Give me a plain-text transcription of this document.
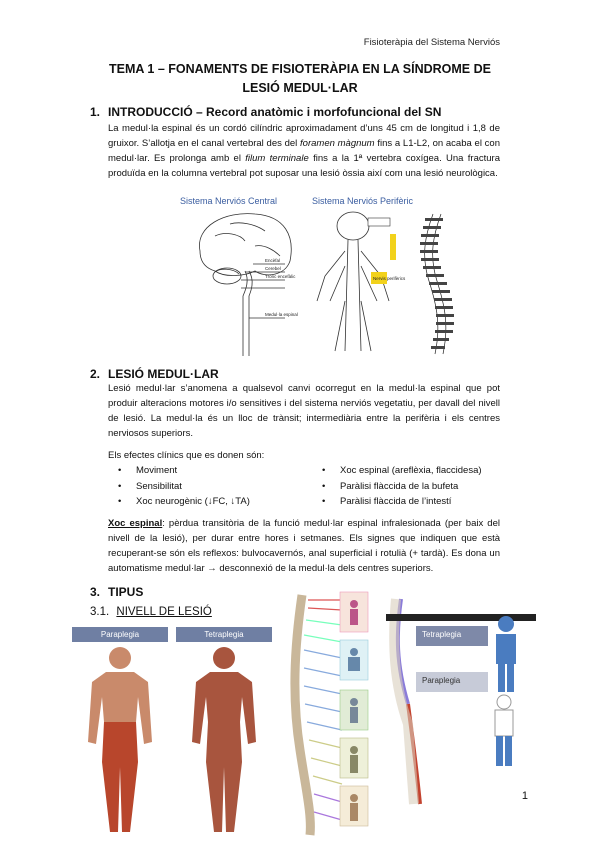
Fisioteràpia del Sistema Nerviós
TEMA 1 – FONAMENTS DE FISIOTERÀPIA EN LA SÍNDROME DE
LESIÓ MEDUL·LAR
1. INTRODUCCIÓ – Record anatòmic i morfofuncional del SN
La medul·la espinal és un cordó cilíndric aproximadament d’uns 45 cm de longitud i 1,8 de gruixor. S’allotja en el canal vertebral des del foramen màgnum fins a L1-L2, on acaba el con medul·lar. Es prolonga amb el filum terminale fins a la 1ª vertebra coxígea. Una fractura produïda en la columna vertebral pot suposar una lesió òssia així com una lesió neurològica.
Sistema Nerviós Central	Sistema Nerviós Perifèric
Encèfal
Cerebel
Tronc encefàlic
Medul·la espinal
Nervis perifèrics
2. LESIÓ MEDUL·LAR
Lesió medul·lar s’anomena a qualsevol canvi ocorregut en la medul·la espinal que pot produir alteracions motores i/o sensitives i del sistema nerviós vegetatiu, per davall del nivell de lesió. La medul·la és un lloc de trànsit; intermediària entre la perifèria i els centres nerviosos superiors.
Els efectes clínics que es donen són:
• Moviment
• Sensibilitat
• Xoc neurogènic (↓FC, ↓TA)
• Xoc espinal (areflèxia, flaccidesa)
• Paràlisi flàccida de la bufeta
• Paràlisi flàccida de l’intestí
Xoc espinal: pèrdua transitòria de la funció medul·lar espinal infralesionada (per baix del nivell de la lesió), per durar entre hores i setmanes. Els signes que indiquen que està recuperant-se són els reflexos: bulvocavernós, anal superficial i rotulià (+ tardà). Es dona un automatisme medul·lar → desconnexió de la medul·la dels centres superiors.
3. TIPUS
3.1. NIVELL DE LESIÓ
Paraplegia	Tetraplegia	Tetraplegia
Paraplegia
1
